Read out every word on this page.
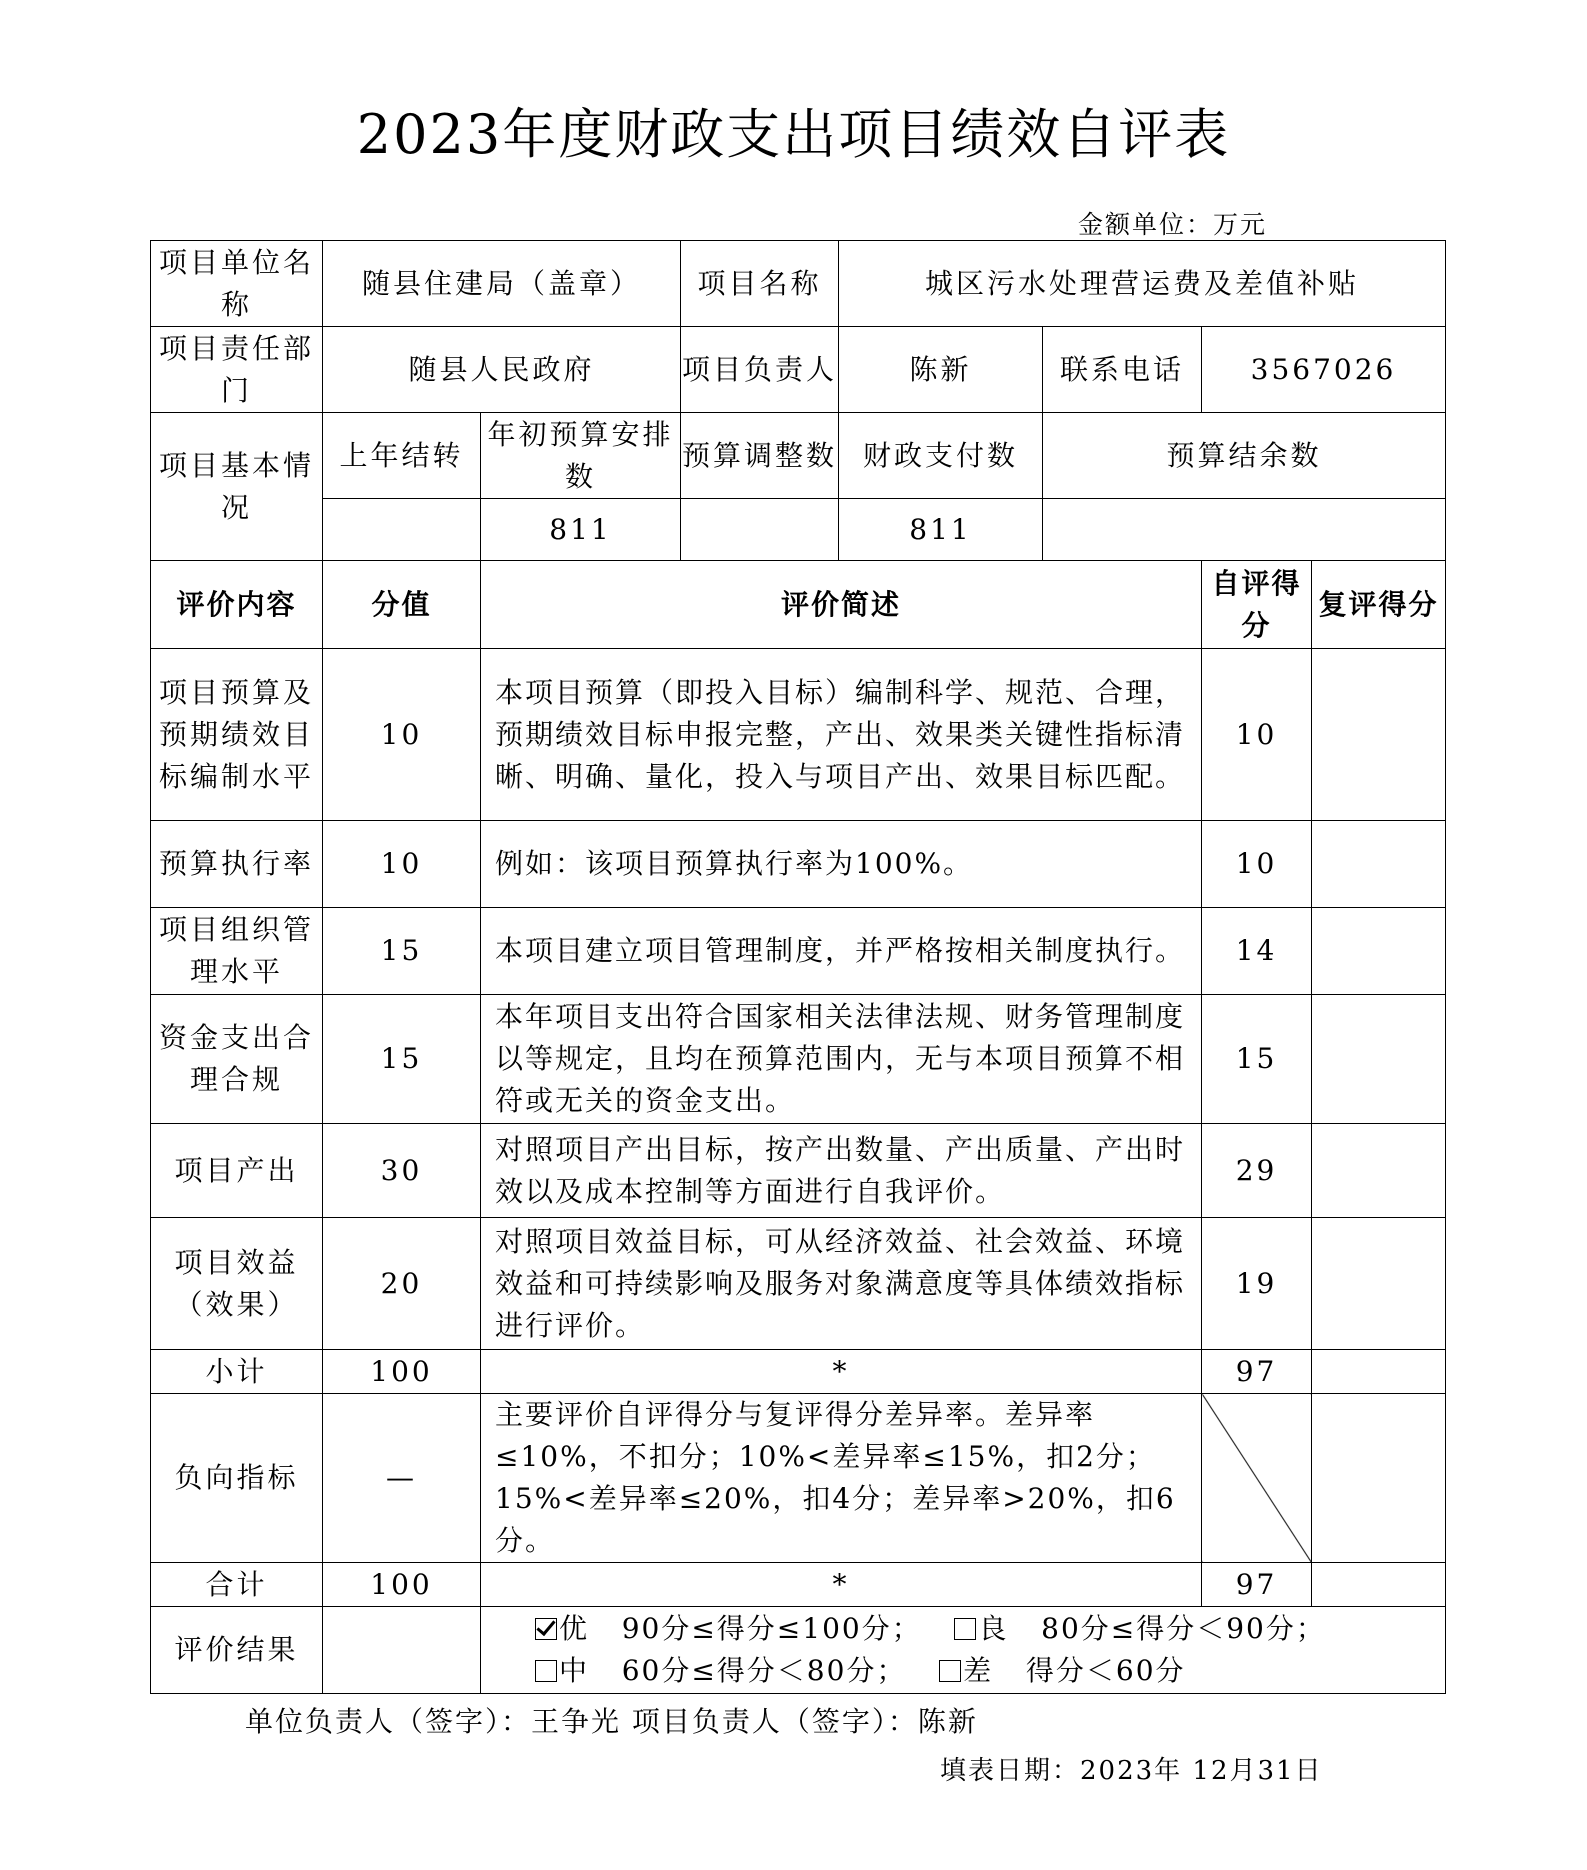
2023年度财政支出项目绩效自评表
金额单位：万元
项目单位名称	随县住建局（盖章）		项目名称	城区污水处理营运费及差值补贴			
项目责任部门	随县人民政府		项目负责人	陈新	联系电话	3567026	
项目基本情况	上年结转	年初预算安排数	预算调整数	财政支付数	预算结余数		
		811		811			
评价内容	分值	评价简述				自评得分	复评得分
项目预算及预期绩效目标编制水平	10	本项目预算（即投入目标）编制科学、规范、合理，预期绩效目标申报完整，产出、效果类关键性指标清晰、明确、量化，投入与项目产出、效果目标匹配。				10	
预算执行率	10	例如：该项目预算执行率为100%。				10	
项目组织管理水平	15	本项目建立项目管理制度，并严格按相关制度执行。				14	
资金支出合理合规	15	本年项目支出符合国家相关法律法规、财务管理制度以等规定，且均在预算范围内，无与本项目预算不相符或无关的资金支出。				15	
项目产出	30	对照项目产出目标，按产出数量、产出质量、产出时效以及成本控制等方面进行自我评价。				29	
项目效益（效果）	20	对照项目效益目标，可从经济效益、社会效益、环境效益和可持续影响及服务对象满意度等具体绩效指标进行评价。				19	
小计	100	*				97	
负向指标	—	主要评价自评得分与复评得分差异率。差异率≤10%，不扣分；10%<差异率≤15%，扣2分；15%<差异率≤20%，扣4分；差异率>20%，扣6分。					
合计	100	*				97	
评价结果		优 90分≤得分≤100分； 良 80分≤得分＜90分；
中 60分≤得分＜80分； 差 得分＜60分					
单位负责人（签字）：王争光 项目负责人（签字）：陈新
填表日期：2023年 12月31日
